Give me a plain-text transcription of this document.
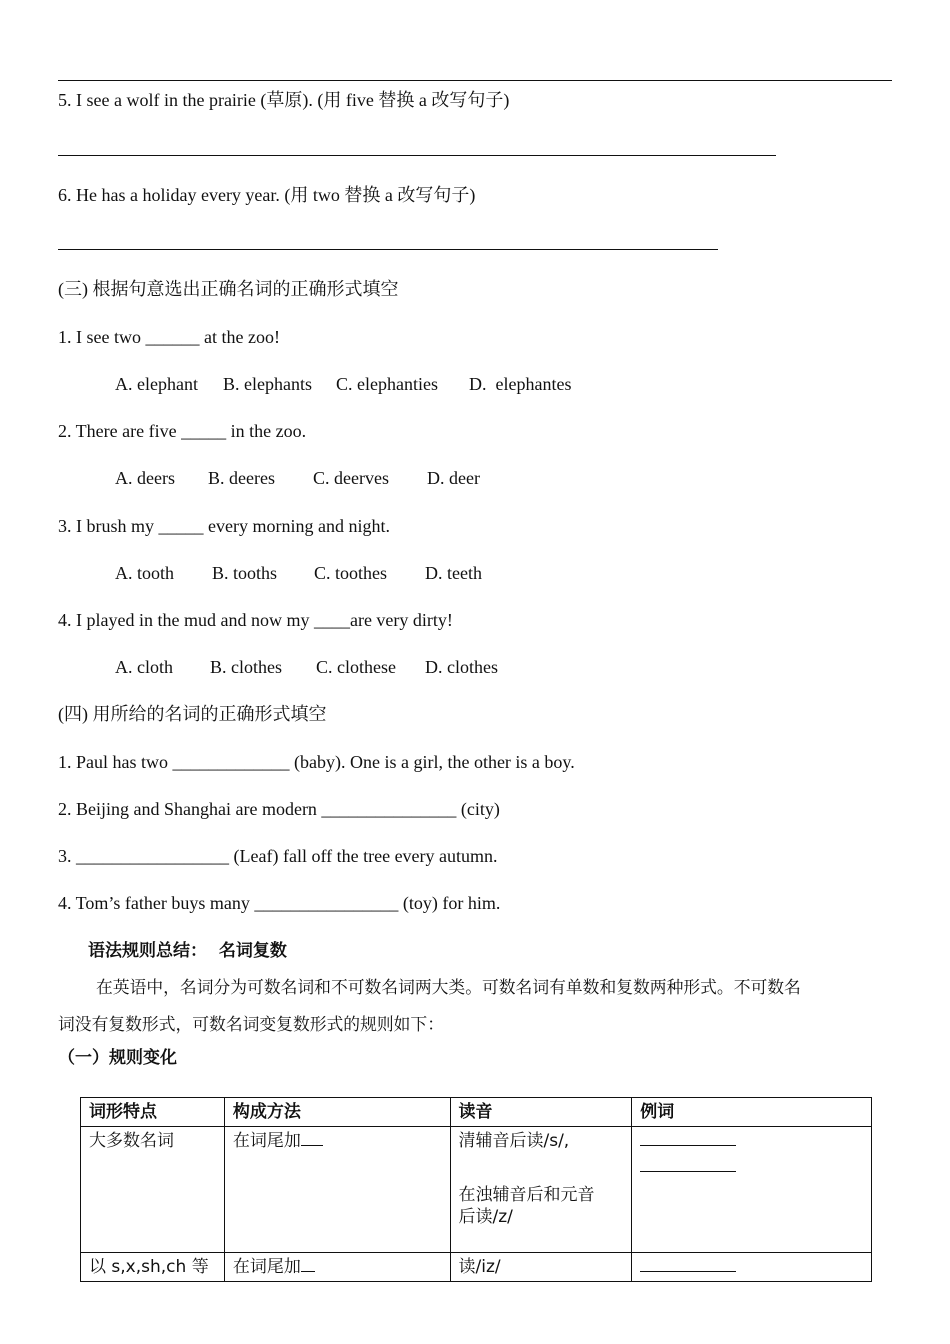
5. I see a wolf in the prairie (草原). (用 five 替换 a 改写句子)
6. He has a holiday every year. (用 two 替换 a 改写句子)
(三) 根据句意选出正确名词的正确形式填空
1. I see two ______ at the zoo!
A. elephant B. elephants C. elephanties D.  elephantes
2. There are five _____ in the zoo.
A. deers B. deeres C. deerves D. deer
3. I brush my _____ every morning and night.
A. tooth B. tooths C. toothes D. teeth
4. I played in the mud and now my ____are very dirty!
A. cloth B. clothes C. clothese D. clothes
(四) 用所给的名词的正确形式填空
1. Paul has two _____________ (baby). One is a girl, the other is a boy.
2. Beijing and Shanghai are modern _______________ (city)
3. _________________ (Leaf) fall off the tree every autumn.
4. Tom’s father buys many ________________ (toy) for him.
语法规则总结：  名词复数
在英语中，名词分为可数名词和不可数名词两大类。可数名词有单数和复数两种形式。不可数名
词没有复数形式，可数名词变复数形式的规则如下：
（一）规则变化
词形特点	构成方法	读音	例词
大多数名词	在词尾加	清辅音后读/s/,
在浊辅音后和元音
后读/z/	

以 s,x,sh,ch 等	在词尾加	读/iz/	
